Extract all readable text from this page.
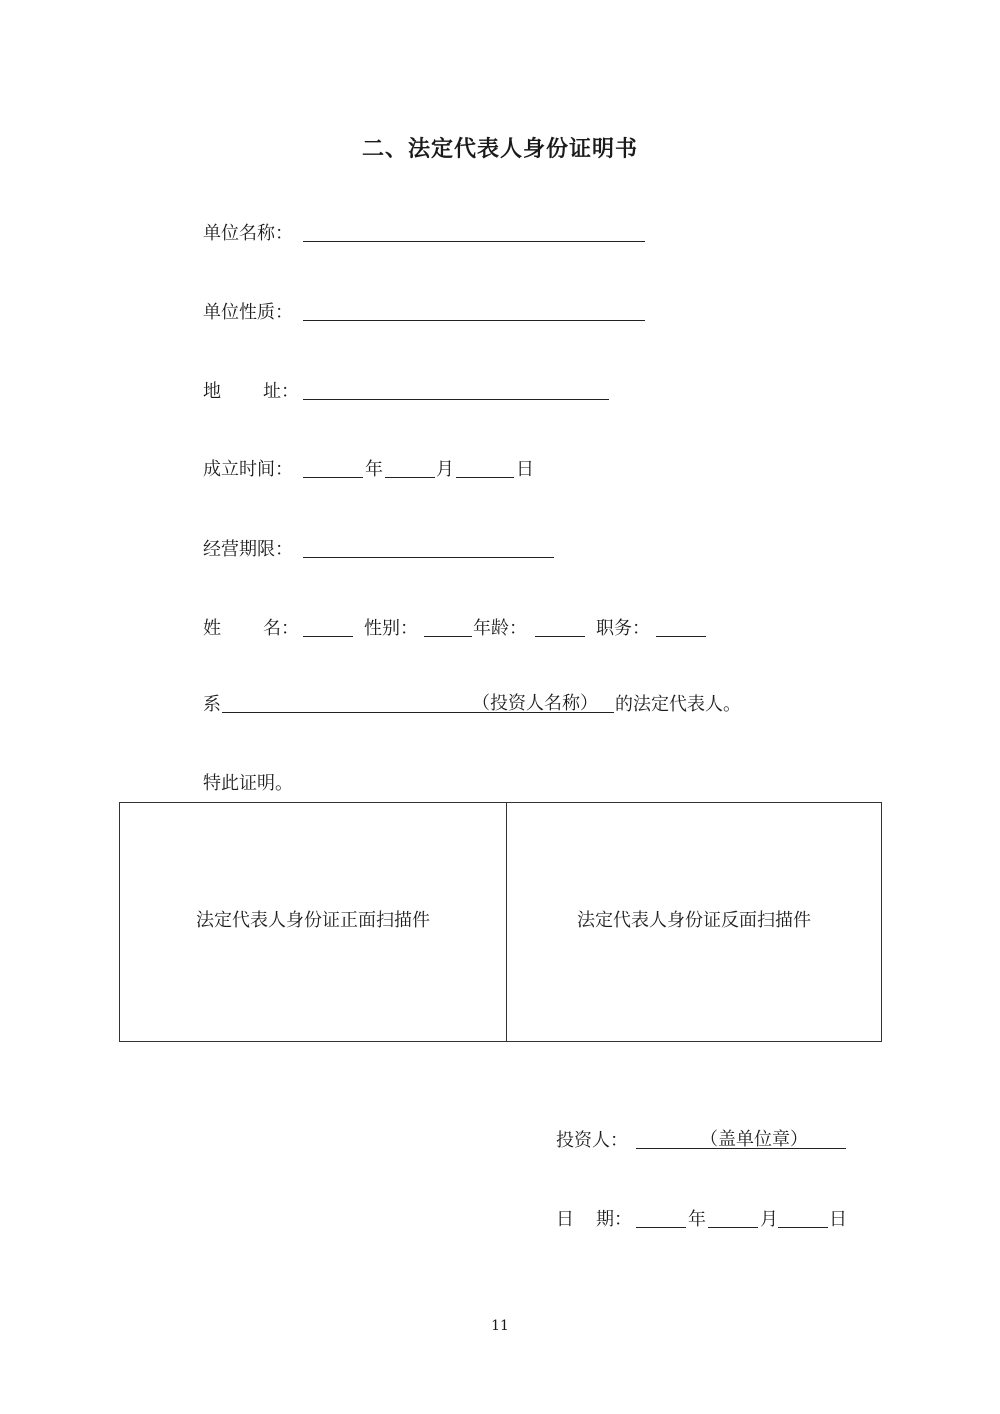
二、法定代表人身份证明书
单位名称：
单位性质：
地 址：
成立时间：	年	月	日
经营期限：
姓 名：	性别：	年龄：	职务：
系	（投资人名称） 的法定代表人。
特此证明。
法定代表人身份证正面扫描件	法定代表人身份证反面扫描件
投资人：	（盖单位章）
日 期：	年	月	日
11
